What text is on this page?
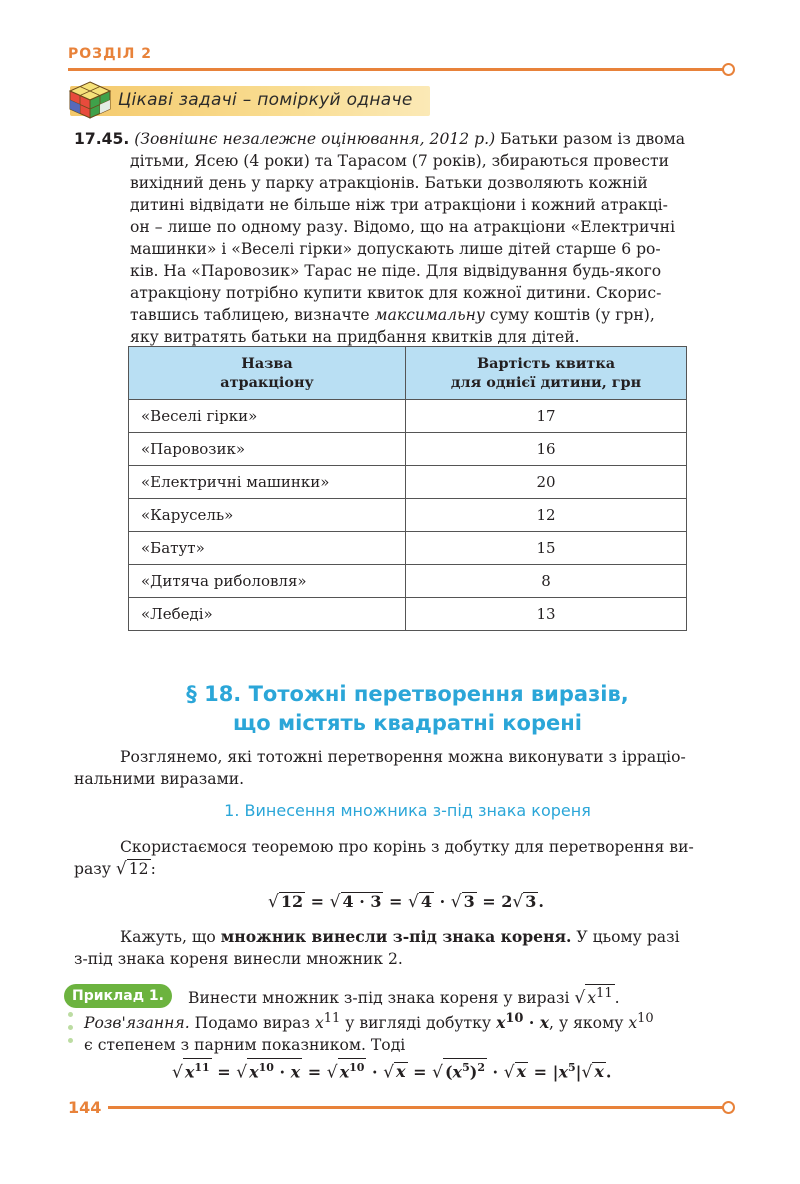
РОЗДІЛ 2
Цікаві задачі – поміркуй одначе
17.45. (Зовнішнє незалежне оцінювання, 2012 р.) Батьки разом із двома
дітьми, Ясею (4 роки) та Тарасом (7 років), збираються провести
вихідний день у парку атракціонів. Батьки дозволяють кожній
дитині відвідати не більше ніж три атракціони і кожний атракці-
он – лише по одному разу. Відомо, що на атракціони «Електричні
машинки» і «Веселі гірки» допускають лише дітей старше 6 ро-
ків. На «Паровозик» Тарас не піде. Для відвідування будь-якого
атракціону потрібно купити квиток для кожної дитини. Скорис-
тавшись таблицею, визначте максимальну суму коштів (у грн),
яку витратять батьки на придбання квитків для дітей.
Назва
атракціону	Вартість квитка
для однієї дитини, грн
«Веселі гірки»	17
«Паровозик»	16
«Електричні машинки»	20
«Карусель»	12
«Батут»	15
«Дитяча риболовля»	8
«Лебеді»	13
§ 18. Тотожні перетворення виразів,
що містять квадратні корені
Розглянемо, які тотожні перетворення можна виконувати з ірраціо-
нальними виразами.
1. Винесення множника з-під знака кореня
Скористаємося теоремою про корінь з добутку для перетворення ви-
разу √ 12 :
√ 12 = √ 4 · 3 = √ 4 · √ 3 = 2√ 3 .
Кажуть, що множник винесли з-під знака кореня. У цьому разі
з-під знака кореня винесли множник 2.
Приклад 1.	Винести множник з-під знака кореня у виразі √ $x^{11}$ .
Розв'язання. Подамо вираз $x^{11}$ у вигляді добутку $x^{10} \cdot x$, у якому $x^{10}$
є степенем з парним показником. Тоді
√ $x^{11}$ = √ $x^{10} \cdot x$ = √ $x^{10}$ · √ x = √ $(x^5)^2$ · √ $x = |x^5|√$ x .
144
